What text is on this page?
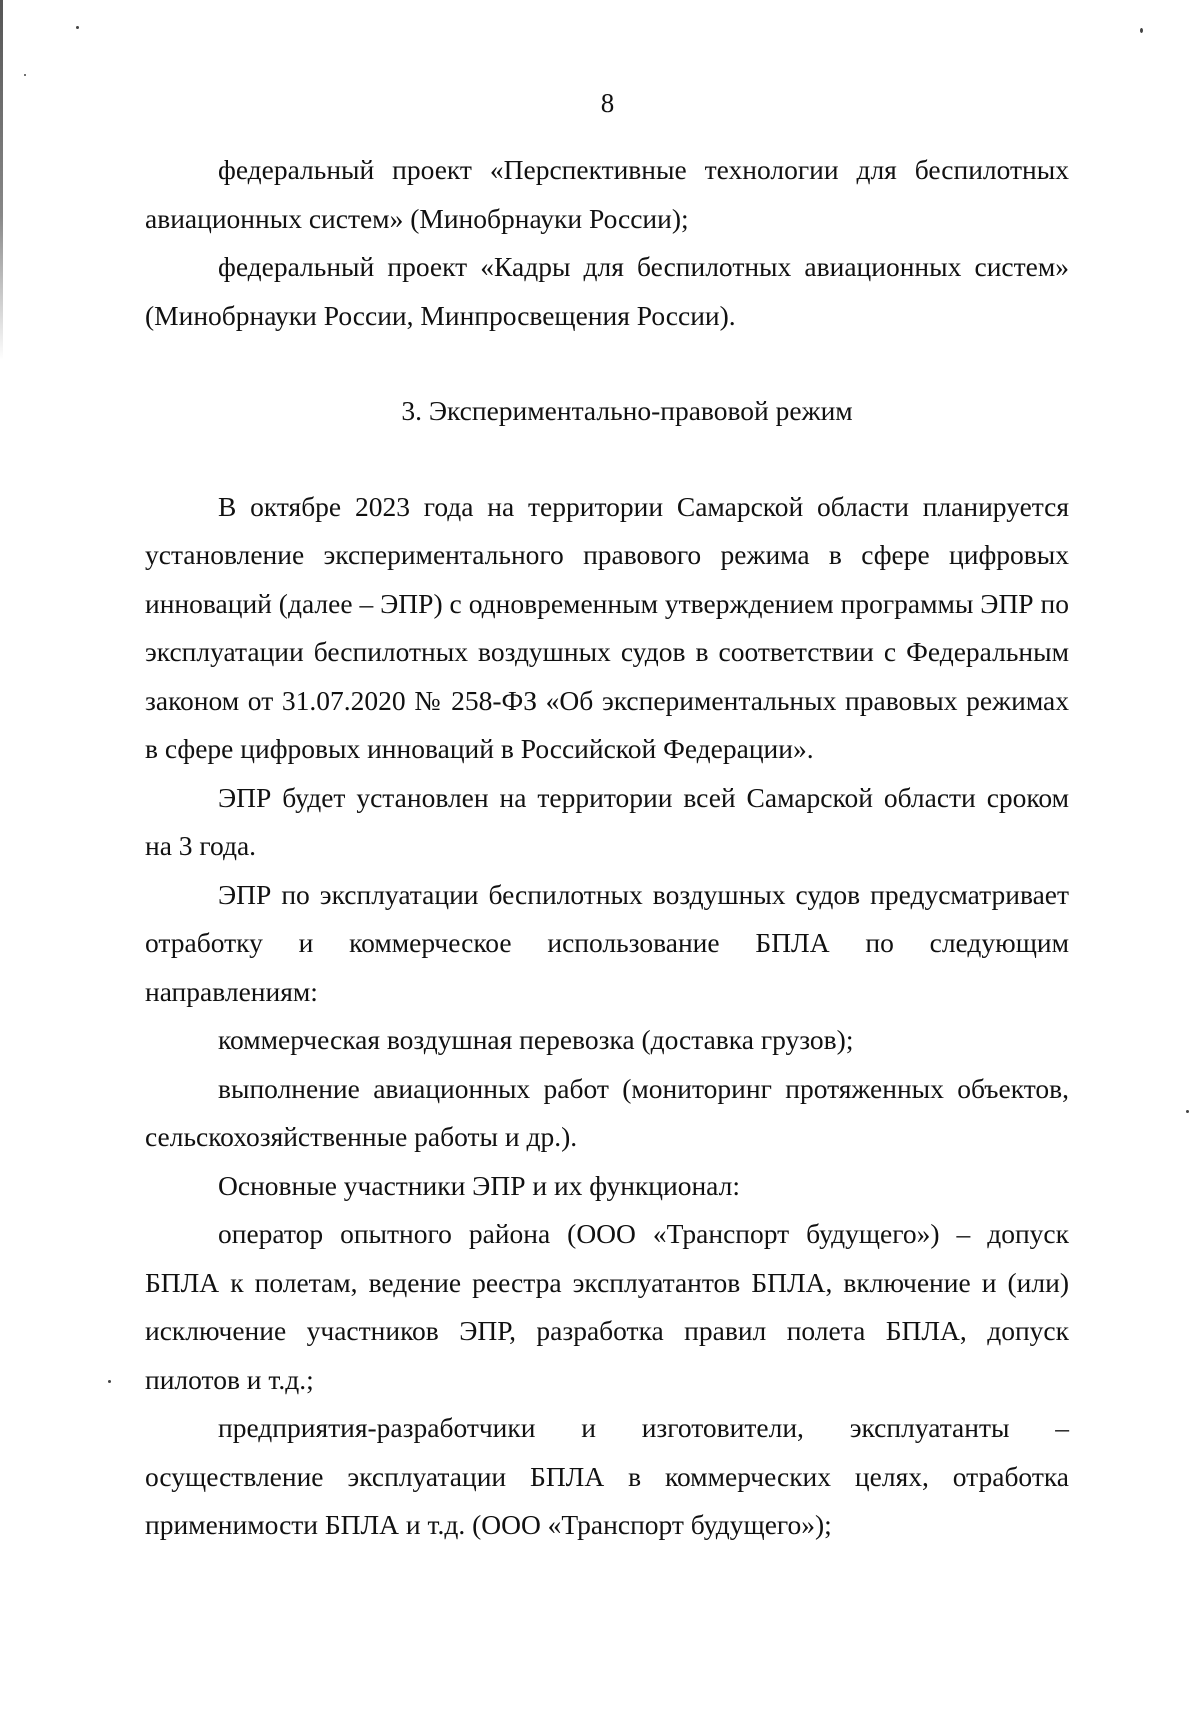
8

федеральный проект «Перспективные технологии для беспилотных авиационных систем» (Минобрнауки России);

федеральный проект «Кадры для беспилотных авиационных систем» (Минобрнауки России, Минпросвещения России).

3. Экспериментально-правовой режим

В октябре 2023 года на территории Самарской области планируется установление экспериментального правового режима в сфере цифровых инноваций (далее – ЭПР) с одновременным утверждением программы ЭПР по эксплуатации беспилотных воздушных судов в соответствии с Федеральным законом от 31.07.2020 № 258-ФЗ «Об экспериментальных правовых режимах в сфере цифровых инноваций в Российской Федерации».

ЭПР будет установлен на территории всей Самарской области сроком на 3 года.

ЭПР по эксплуатации беспилотных воздушных судов предусматривает отработку и коммерческое использование БПЛА по следующим направлениям:

коммерческая воздушная перевозка (доставка грузов);

выполнение авиационных работ (мониторинг протяженных объектов, сельскохозяйственные работы и др.).

Основные участники ЭПР и их функционал:

оператор опытного района (ООО «Транспорт будущего») – допуск БПЛА к полетам, ведение реестра эксплуатантов БПЛА, включение и (или) исключение участников ЭПР, разработка правил полета БПЛА, допуск пилотов и т.д.;

предприятия-разработчики и изготовители, эксплуатанты – осуществление эксплуатации БПЛА в коммерческих целях, отработка применимости БПЛА и т.д. (ООО «Транспорт будущего»);
